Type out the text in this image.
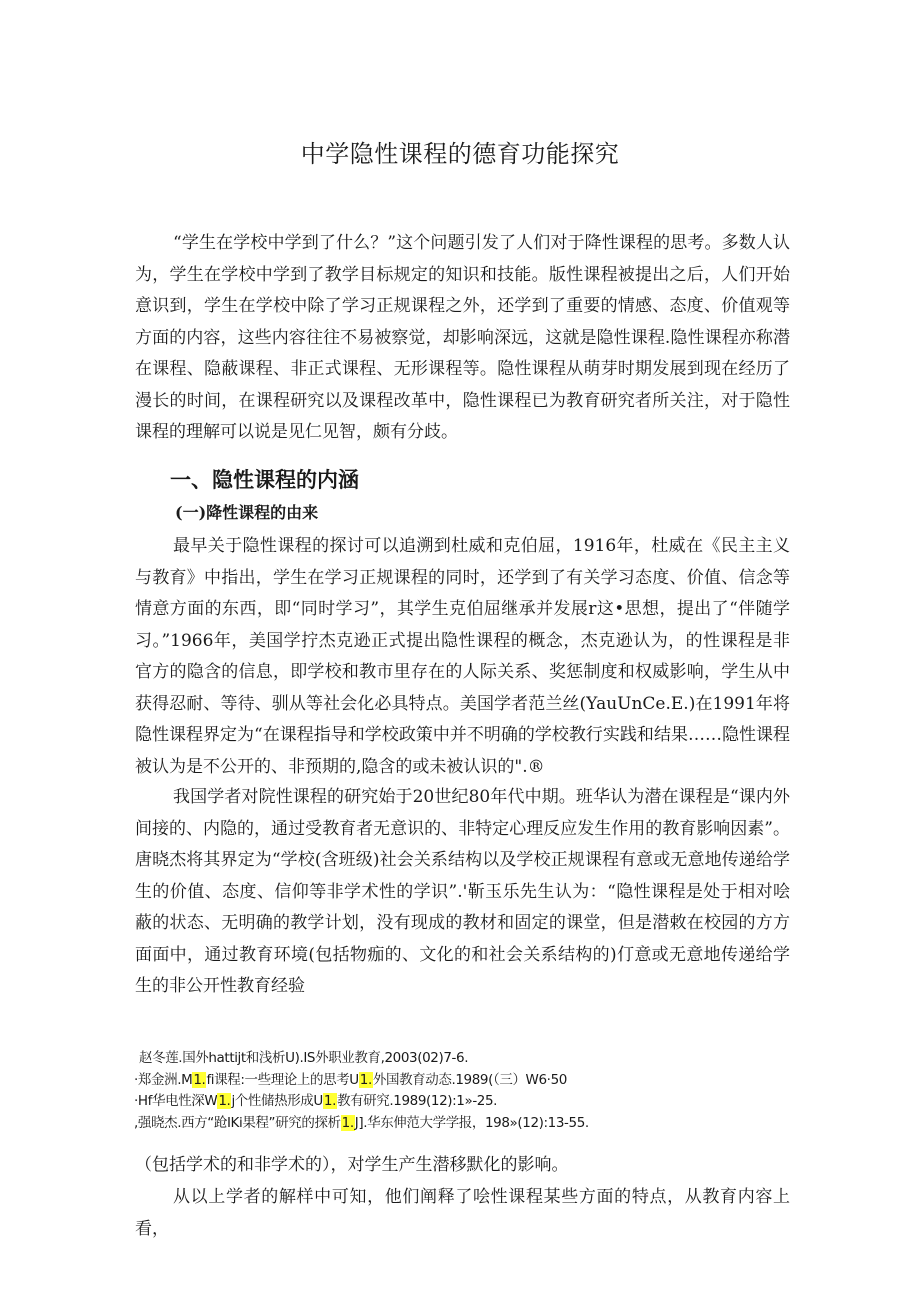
中学隐性课程的德育功能探究

“学生在学校中学到了什么？”这个问题引发了人们对于降性课程的思考。多数人认为，学生在学校中学到了教学目标规定的知识和技能。版性课程被提出之后，人们开始意识到，学生在学校中除了学习正规课程之外，还学到了重要的情感、态度、价值观等方面的内容，这些内容往往不易被察觉，却影响深远，这就是隐性课程.隐性课程亦称潜在课程、隐蔽课程、非正式课程、无形课程等。隐性课程从萌芽时期发展到现在经历了漫长的时间，在课程研究以及课程改革中，隐性课程已为教育研究者所关注，对于隐性课程的理解可以说是见仁见智，颇有分歧。

一、隐性课程的内涵
(一)降性课程的由来

最早关于隐性课程的探讨可以追溯到杜威和克伯屈，1916年，杜威在《民主主义与教育》中指出，学生在学习正规课程的同时，还学到了有关学习态度、价值、信念等情意方面的东西，即“同时学习”，其学生克伯屈继承并发展r这•思想，提出了“伴随学习。”1966年，美国学拧杰克逊正式提出隐性课程的概念，杰克逊认为，的性课程是非官方的隐含的信息，即学校和教市里存在的人际关系、奖惩制度和权威影响，学生从中获得忍耐、等待、驯从等社会化必具特点。美国学者范兰丝(YauUnCe.E.)在1991年将隐性课程界定为“在课程指导和学校政策中并不明确的学校教行实践和结果……隐性课程被认为是不公开的、非预期的,隐含的或未被认识的".®

我国学者对院性课程的研究始于20世纪80年代中期。班华认为潜在课程是“课内外间接的、内隐的，通过受教育者无意识的、非特定心理反应发生作用的教育影响因素”。唐晓杰将其界定为“学校(含班级)社会关系结构以及学校正规课程有意或无意地传递给学生的价值、态度、信仰等非学术性的学识”.'靳玉乐先生认为：“隐性课程是处于相对哙蔽的状态、无明确的教学计划，没有现成的教材和固定的课堂，但是潜敕在校园的方方面面中，通过教育环境(包括物痂的、文化的和社会关系结构的)仃意或无意地传递给学生的非公开性教育经验

赵冬莲.国外hattijt和浅析U).IS外职业教育,2003(02)7-6.
·郑金洲.M1.fi课程:一些理论上的思考U1.外国教育动态.1989(（三）W6·50
·Hf华电性深W1.j个性储热形成U1.教有研究.1989(12):1»-25.
,强晓杰.西方“跄IKi果程”研究的探析1.J].华东伸范大学学报，198»(12):13-55.

（包括学术的和非学术的），对学生产生潜移默化的影响。

从以上学者的解样中可知，他们阐释了哙性课程某些方面的特点，从教育内容上看，
